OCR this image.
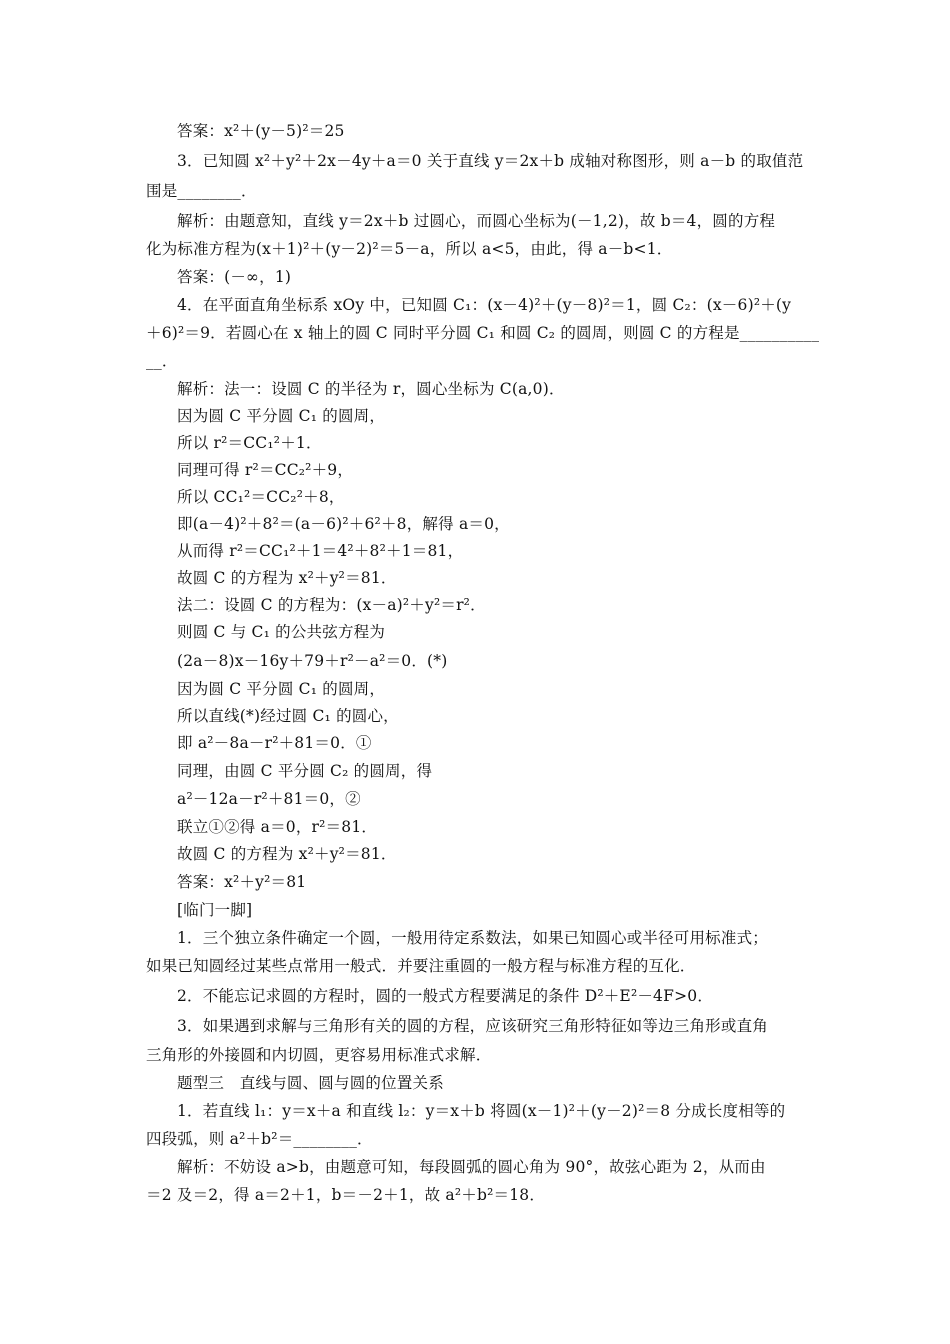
答案：x²＋(y－5)²＝25
3．已知圆 x²＋y²＋2x－4y＋a＝0 关于直线 y＝2x＋b 成轴对称图形，则 a－b 的取值范
围是________．
解析：由题意知，直线 y＝2x＋b 过圆心，而圆心坐标为(－1,2)，故 b＝4，圆的方程
化为标准方程为(x＋1)²＋(y－2)²＝5－a，所以 a<5，由此，得 a－b<1．
答案：(－∞，1)
4．在平面直角坐标系 xOy 中，已知圆 C₁：(x－4)²＋(y－8)²＝1，圆 C₂：(x－6)²＋(y
＋6)²＝9．若圆心在 x 轴上的圆 C 同时平分圆 C₁ 和圆 C₂ 的圆周，则圆 C 的方程是__________
__．
解析：法一：设圆 C 的半径为 r，圆心坐标为 C(a,0)．
因为圆 C 平分圆 C₁ 的圆周，
所以 r²＝CC₁²＋1．
同理可得 r²＝CC₂²＋9，
所以 CC₁²＝CC₂²＋8，
即(a－4)²＋8²＝(a－6)²＋6²＋8，解得 a＝0，
从而得 r²＝CC₁²＋1＝4²＋8²＋1＝81，
故圆 C 的方程为 x²＋y²＝81．
法二：设圆 C 的方程为：(x－a)²＋y²＝r²．
则圆 C 与 C₁ 的公共弦方程为
(2a－8)x－16y＋79＋r²－a²＝0．(*)
因为圆 C 平分圆 C₁ 的圆周，
所以直线(*)经过圆 C₁ 的圆心，
即 a²－8a－r²＋81＝0．①
同理，由圆 C 平分圆 C₂ 的圆周，得
a²－12a－r²＋81＝0，②
联立①②得 a＝0，r²＝81．
故圆 C 的方程为 x²＋y²＝81．
答案：x²＋y²＝81
[临门一脚]
1．三个独立条件确定一个圆，一般用待定系数法，如果已知圆心或半径可用标准式；
如果已知圆经过某些点常用一般式．并要注重圆的一般方程与标准方程的互化．
2．不能忘记求圆的方程时，圆的一般式方程要满足的条件 D²＋E²－4F>0．
3．如果遇到求解与三角形有关的圆的方程，应该研究三角形特征如等边三角形或直角
三角形的外接圆和内切圆，更容易用标准式求解．
题型三　直线与圆、圆与圆的位置关系
1．若直线 l₁：y＝x＋a 和直线 l₂：y＝x＋b 将圆(x－1)²＋(y－2)²＝8 分成长度相等的
四段弧，则 a²＋b²＝________．
解析：不妨设 a>b，由题意可知，每段圆弧的圆心角为 90°，故弦心距为 2，从而由
＝2 及＝2，得 a＝2＋1，b＝－2＋1，故 a²＋b²＝18．
